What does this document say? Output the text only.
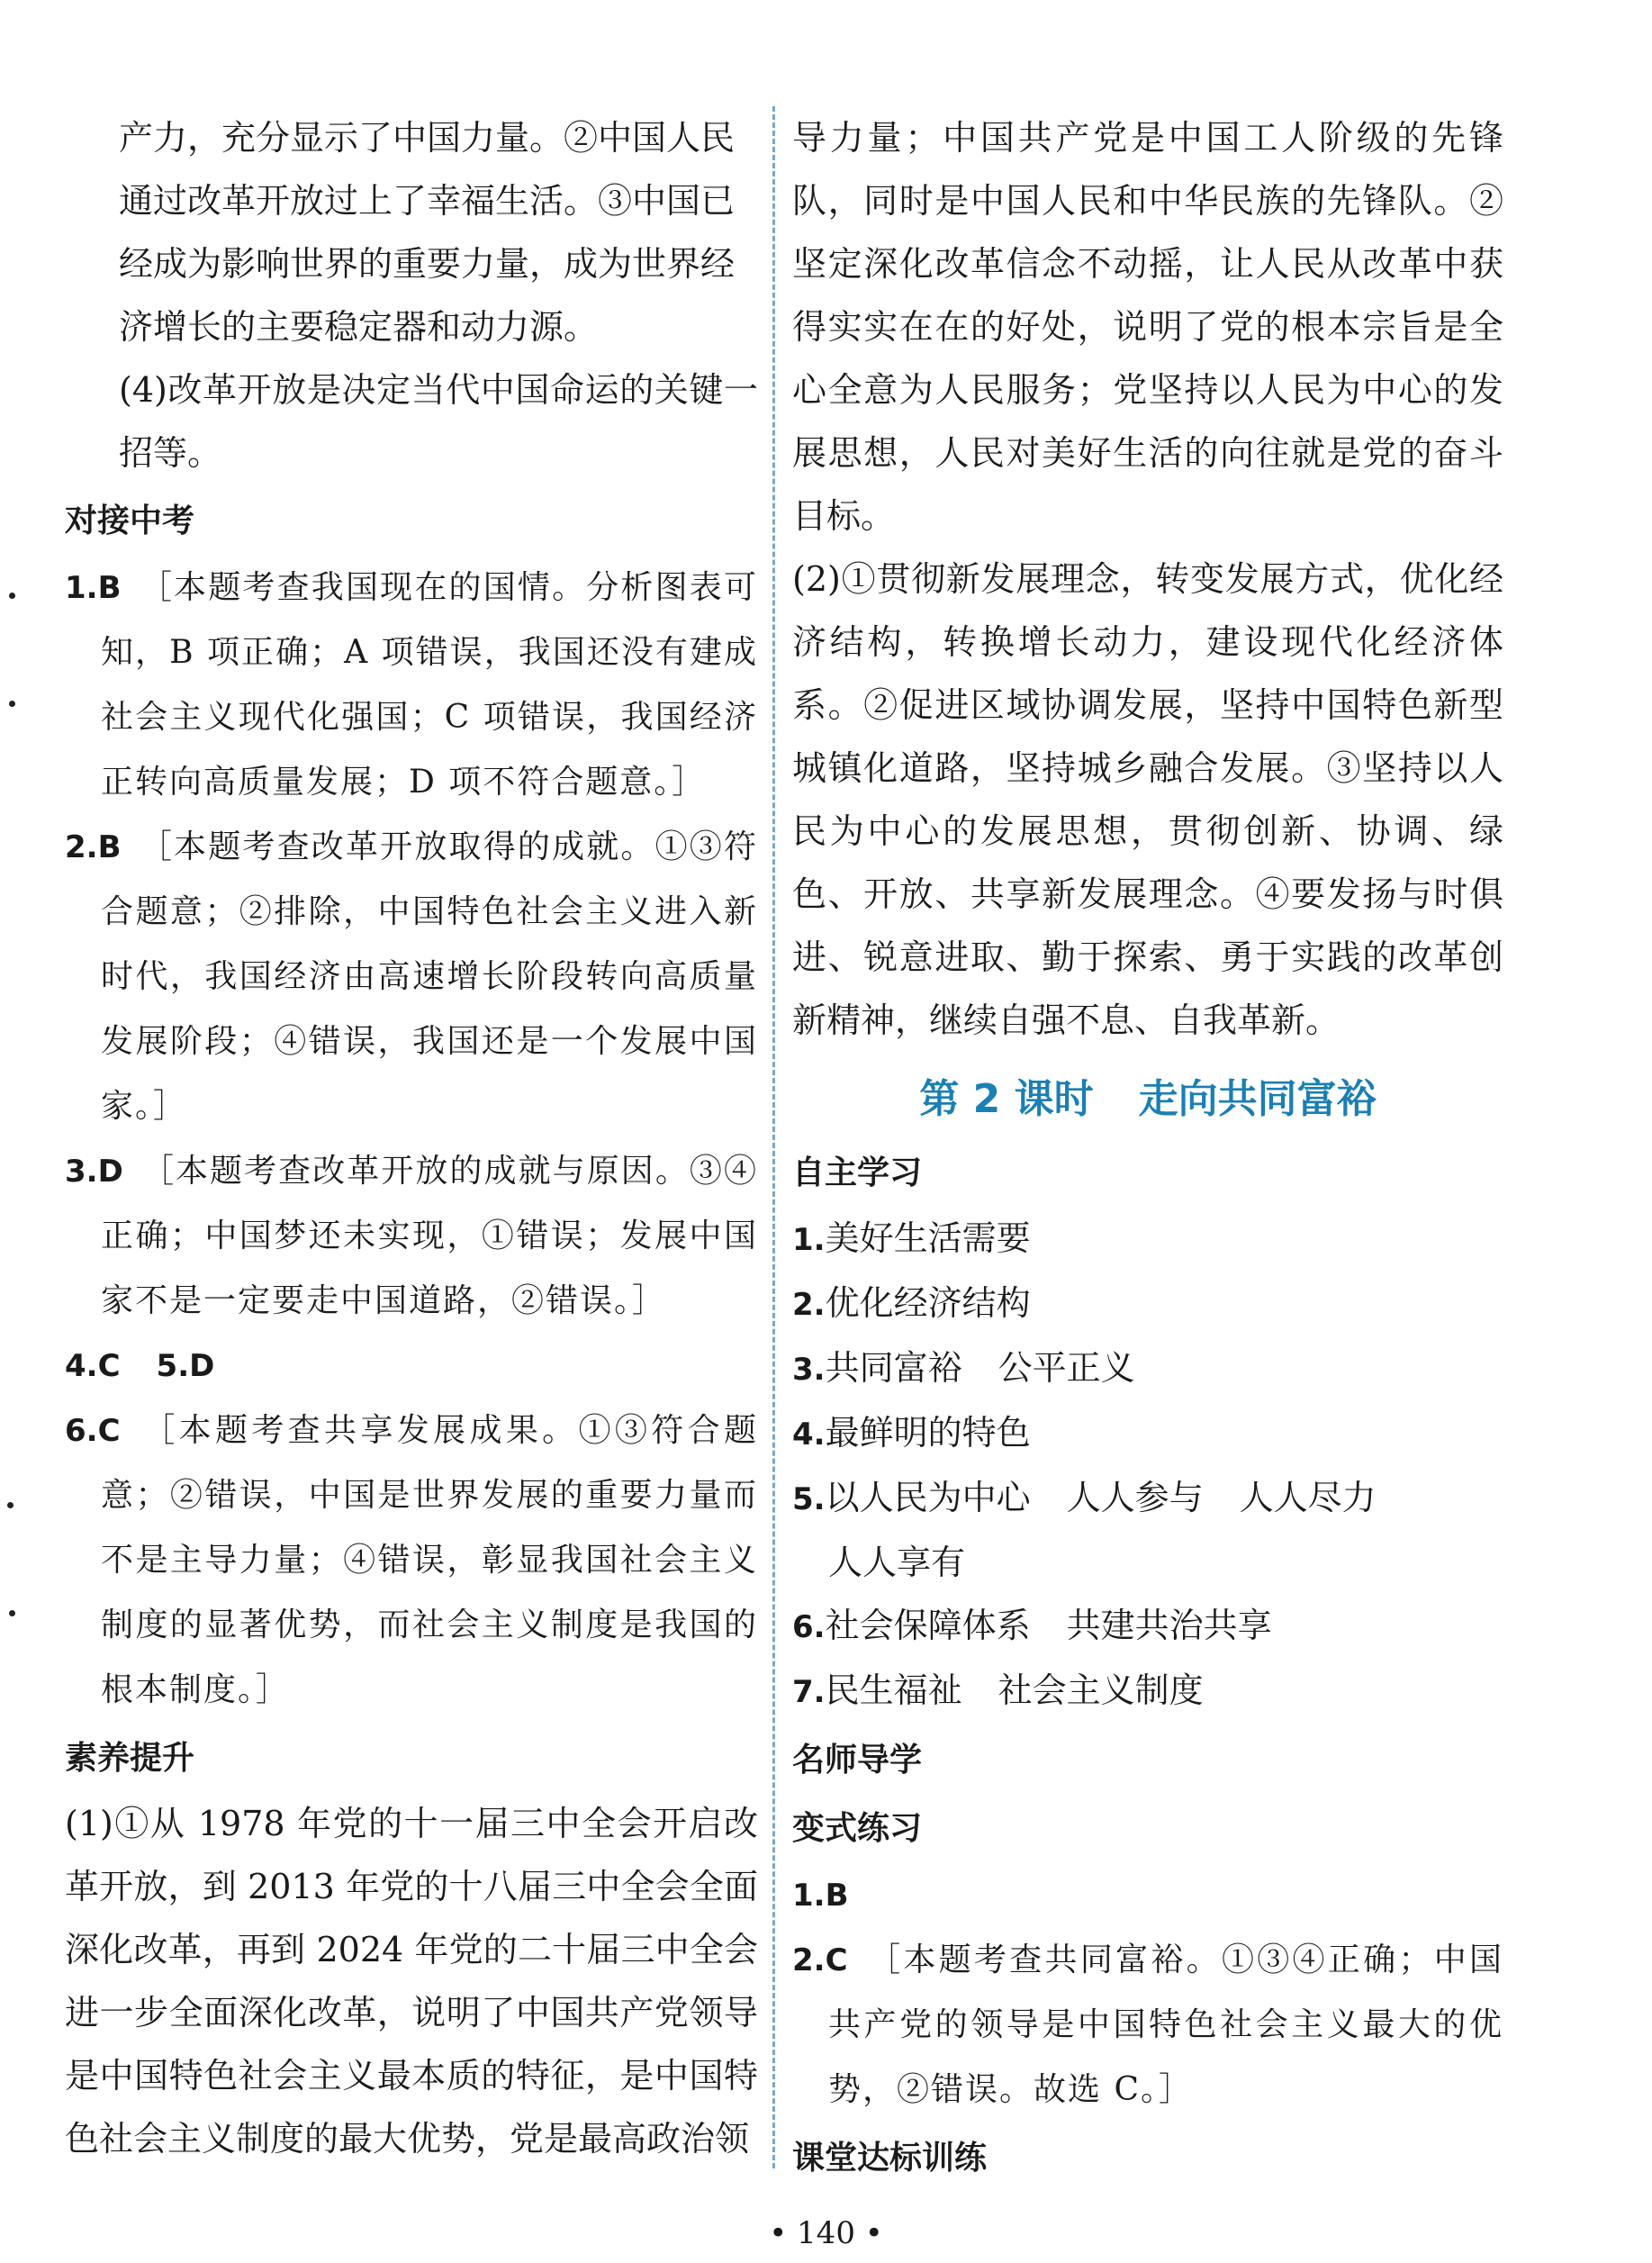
产力，充分显示了中国力量。②中国人民

通过改革开放过上了幸福生活。③中国已

经成为影响世界的重要力量，成为世界经

济增长的主要稳定器和动力源。

(4)改革开放是决定当代中国命运的关键一招等。

对接中考

1.B　 ［本题考查我国现在的国情。分析图表可知，B 项正确；A 项错误，我国还没有建成社会主义现代化强国；C 项错误，我国经济正转向高质量发展；D 项不符合题意。］

2.B　 ［本题考查改革开放取得的成就。①③符合题意；②排除，中国特色社会主义进入新时代，我国经济由高速增长阶段转向高质量发展阶段；④错误，我国还是一个发展中国家。］

3.D　 ［本题考查改革开放的成就与原因。③④正确；中国梦还未实现，①错误；发展中国家不是一定要走中国道路，②错误。］

4.C 5.D

6.C　 ［本题考查共享发展成果。①③符合题意；②错误，中国是世界发展的重要力量而不是主导力量；④错误，彰显我国社会主义制度的显著优势，而社会主义制度是我国的根本制度。］

素养提升

(1)①从 1978 年党的十一届三中全会开启改革开放，到 2013 年党的十八届三中全会全面深化改革，再到 2024 年党的二十届三中全会进一步全面深化改革，说明了中国共产党领导是中国特色社会主义最本质的特征，是中国特色社会主义制度的最大优势，党是最高政治领

导力量；中国共产党是中国工人阶级的先锋队，同时是中国人民和中华民族的先锋队。②坚定深化改革信念不动摇，让人民从改革中获得实实在在的好处，说明了党的根本宗旨是全心全意为人民服务；党坚持以人民为中心的发展思想，人民对美好生活的向往就是党的奋斗目标。

(2)①贯彻新发展理念，转变发展方式，优化经济结构，转换增长动力，建设现代化经济体系。②促进区域协调发展，坚持中国特色新型城镇化道路，坚持城乡融合发展。③坚持以人民为中心的发展思想，贯彻创新、协调、绿色、开放、共享新发展理念。④要发扬与时俱进、锐意进取、勤于探索、勇于实践的改革创新精神，继续自强不息、自我革新。

第 2 课时 走向共同富裕
自主学习

1.美好生活需要

2.优化经济结构

3.共同富裕 公平正义

4.最鲜明的特色

5.以人民为中心 人人参与 人人尽力
人人享有

6.社会保障体系 共建共治共享

7.民生福祉 社会主义制度

名师导学
变式练习

1.B

2.C　 ［本题考查共同富裕。①③④正确；中国共产党的领导是中国特色社会主义最大的优势，②错误。故选 C。］

课堂达标训练

• 140 •
